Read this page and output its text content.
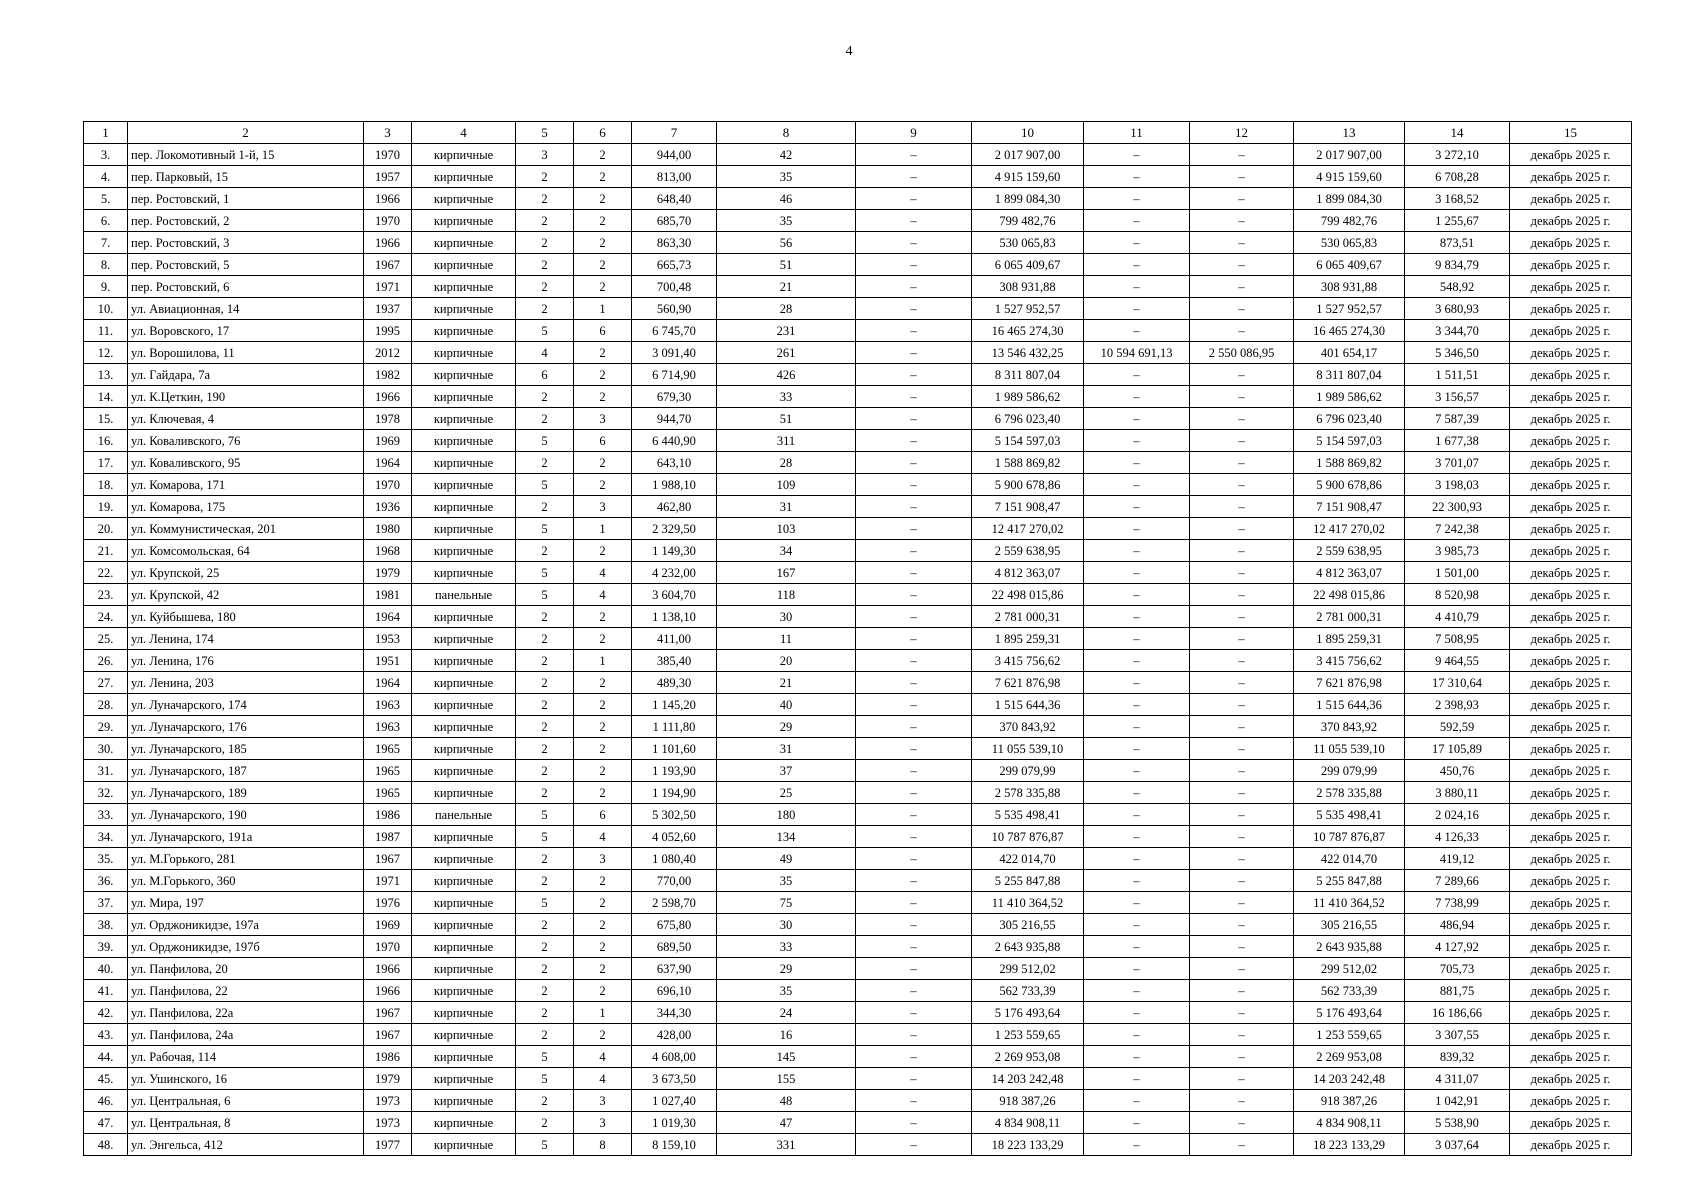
4
1	2	3	4	5	6	7	8	9	10	11	12	13	14	15
3.	пер. Локомотивный 1-й, 15	1970	кирпичные	3	2	944,00	42	–	2 017 907,00	–	–	2 017 907,00	3 272,10	декабрь 2025 г.
4.	пер. Парковый, 15	1957	кирпичные	2	2	813,00	35	–	4 915 159,60	–	–	4 915 159,60	6 708,28	декабрь 2025 г.
5.	пер. Ростовский, 1	1966	кирпичные	2	2	648,40	46	–	1 899 084,30	–	–	1 899 084,30	3 168,52	декабрь 2025 г.
6.	пер. Ростовский, 2	1970	кирпичные	2	2	685,70	35	–	799 482,76	–	–	799 482,76	1 255,67	декабрь 2025 г.
7.	пер. Ростовский, 3	1966	кирпичные	2	2	863,30	56	–	530 065,83	–	–	530 065,83	873,51	декабрь 2025 г.
8.	пер. Ростовский, 5	1967	кирпичные	2	2	665,73	51	–	6 065 409,67	–	–	6 065 409,67	9 834,79	декабрь 2025 г.
9.	пер. Ростовский, 6	1971	кирпичные	2	2	700,48	21	–	308 931,88	–	–	308 931,88	548,92	декабрь 2025 г.
10.	ул. Авиационная, 14	1937	кирпичные	2	1	560,90	28	–	1 527 952,57	–	–	1 527 952,57	3 680,93	декабрь 2025 г.
11.	ул. Воровского, 17	1995	кирпичные	5	6	6 745,70	231	–	16 465 274,30	–	–	16 465 274,30	3 344,70	декабрь 2025 г.
12.	ул. Ворошилова, 11	2012	кирпичные	4	2	3 091,40	261	–	13 546 432,25	10 594 691,13	2 550 086,95	401 654,17	5 346,50	декабрь 2025 г.
13.	ул. Гайдара, 7а	1982	кирпичные	6	2	6 714,90	426	–	8 311 807,04	–	–	8 311 807,04	1 511,51	декабрь 2025 г.
14.	ул. К.Цеткин, 190	1966	кирпичные	2	2	679,30	33	–	1 989 586,62	–	–	1 989 586,62	3 156,57	декабрь 2025 г.
15.	ул. Ключевая, 4	1978	кирпичные	2	3	944,70	51	–	6 796 023,40	–	–	6 796 023,40	7 587,39	декабрь 2025 г.
16.	ул. Коваливского, 76	1969	кирпичные	5	6	6 440,90	311	–	5 154 597,03	–	–	5 154 597,03	1 677,38	декабрь 2025 г.
17.	ул. Коваливского, 95	1964	кирпичные	2	2	643,10	28	–	1 588 869,82	–	–	1 588 869,82	3 701,07	декабрь 2025 г.
18.	ул. Комарова, 171	1970	кирпичные	5	2	1 988,10	109	–	5 900 678,86	–	–	5 900 678,86	3 198,03	декабрь 2025 г.
19.	ул. Комарова, 175	1936	кирпичные	2	3	462,80	31	–	7 151 908,47	–	–	7 151 908,47	22 300,93	декабрь 2025 г.
20.	ул. Коммунистическая, 201	1980	кирпичные	5	1	2 329,50	103	–	12 417 270,02	–	–	12 417 270,02	7 242,38	декабрь 2025 г.
21.	ул. Комсомольская, 64	1968	кирпичные	2	2	1 149,30	34	–	2 559 638,95	–	–	2 559 638,95	3 985,73	декабрь 2025 г.
22.	ул. Крупской, 25	1979	кирпичные	5	4	4 232,00	167	–	4 812 363,07	–	–	4 812 363,07	1 501,00	декабрь 2025 г.
23.	ул. Крупской, 42	1981	панельные	5	4	3 604,70	118	–	22 498 015,86	–	–	22 498 015,86	8 520,98	декабрь 2025 г.
24.	ул. Куйбышева, 180	1964	кирпичные	2	2	1 138,10	30	–	2 781 000,31	–	–	2 781 000,31	4 410,79	декабрь 2025 г.
25.	ул. Ленина, 174	1953	кирпичные	2	2	411,00	11	–	1 895 259,31	–	–	1 895 259,31	7 508,95	декабрь 2025 г.
26.	ул. Ленина, 176	1951	кирпичные	2	1	385,40	20	–	3 415 756,62	–	–	3 415 756,62	9 464,55	декабрь 2025 г.
27.	ул. Ленина, 203	1964	кирпичные	2	2	489,30	21	–	7 621 876,98	–	–	7 621 876,98	17 310,64	декабрь 2025 г.
28.	ул. Луначарского, 174	1963	кирпичные	2	2	1 145,20	40	–	1 515 644,36	–	–	1 515 644,36	2 398,93	декабрь 2025 г.
29.	ул. Луначарского, 176	1963	кирпичные	2	2	1 111,80	29	–	370 843,92	–	–	370 843,92	592,59	декабрь 2025 г.
30.	ул. Луначарского, 185	1965	кирпичные	2	2	1 101,60	31	–	11 055 539,10	–	–	11 055 539,10	17 105,89	декабрь 2025 г.
31.	ул. Луначарского, 187	1965	кирпичные	2	2	1 193,90	37	–	299 079,99	–	–	299 079,99	450,76	декабрь 2025 г.
32.	ул. Луначарского, 189	1965	кирпичные	2	2	1 194,90	25	–	2 578 335,88	–	–	2 578 335,88	3 880,11	декабрь 2025 г.
33.	ул. Луначарского, 190	1986	панельные	5	6	5 302,50	180	–	5 535 498,41	–	–	5 535 498,41	2 024,16	декабрь 2025 г.
34.	ул. Луначарского, 191а	1987	кирпичные	5	4	4 052,60	134	–	10 787 876,87	–	–	10 787 876,87	4 126,33	декабрь 2025 г.
35.	ул. М.Горького, 281	1967	кирпичные	2	3	1 080,40	49	–	422 014,70	–	–	422 014,70	419,12	декабрь 2025 г.
36.	ул. М.Горького, 360	1971	кирпичные	2	2	770,00	35	–	5 255 847,88	–	–	5 255 847,88	7 289,66	декабрь 2025 г.
37.	ул. Мира, 197	1976	кирпичные	5	2	2 598,70	75	–	11 410 364,52	–	–	11 410 364,52	7 738,99	декабрь 2025 г.
38.	ул. Орджоникидзе, 197а	1969	кирпичные	2	2	675,80	30	–	305 216,55	–	–	305 216,55	486,94	декабрь 2025 г.
39.	ул. Орджоникидзе, 197б	1970	кирпичные	2	2	689,50	33	–	2 643 935,88	–	–	2 643 935,88	4 127,92	декабрь 2025 г.
40.	ул. Панфилова, 20	1966	кирпичные	2	2	637,90	29	–	299 512,02	–	–	299 512,02	705,73	декабрь 2025 г.
41.	ул. Панфилова, 22	1966	кирпичные	2	2	696,10	35	–	562 733,39	–	–	562 733,39	881,75	декабрь 2025 г.
42.	ул. Панфилова, 22а	1967	кирпичные	2	1	344,30	24	–	5 176 493,64	–	–	5 176 493,64	16 186,66	декабрь 2025 г.
43.	ул. Панфилова, 24а	1967	кирпичные	2	2	428,00	16	–	1 253 559,65	–	–	1 253 559,65	3 307,55	декабрь 2025 г.
44.	ул. Рабочая, 114	1986	кирпичные	5	4	4 608,00	145	–	2 269 953,08	–	–	2 269 953,08	839,32	декабрь 2025 г.
45.	ул. Ушинского, 16	1979	кирпичные	5	4	3 673,50	155	–	14 203 242,48	–	–	14 203 242,48	4 311,07	декабрь 2025 г.
46.	ул. Центральная, 6	1973	кирпичные	2	3	1 027,40	48	–	918 387,26	–	–	918 387,26	1 042,91	декабрь 2025 г.
47.	ул. Центральная, 8	1973	кирпичные	2	3	1 019,30	47	–	4 834 908,11	–	–	4 834 908,11	5 538,90	декабрь 2025 г.
48.	ул. Энгельса, 412	1977	кирпичные	5	8	8 159,10	331	–	18 223 133,29	–	–	18 223 133,29	3 037,64	декабрь 2025 г.
